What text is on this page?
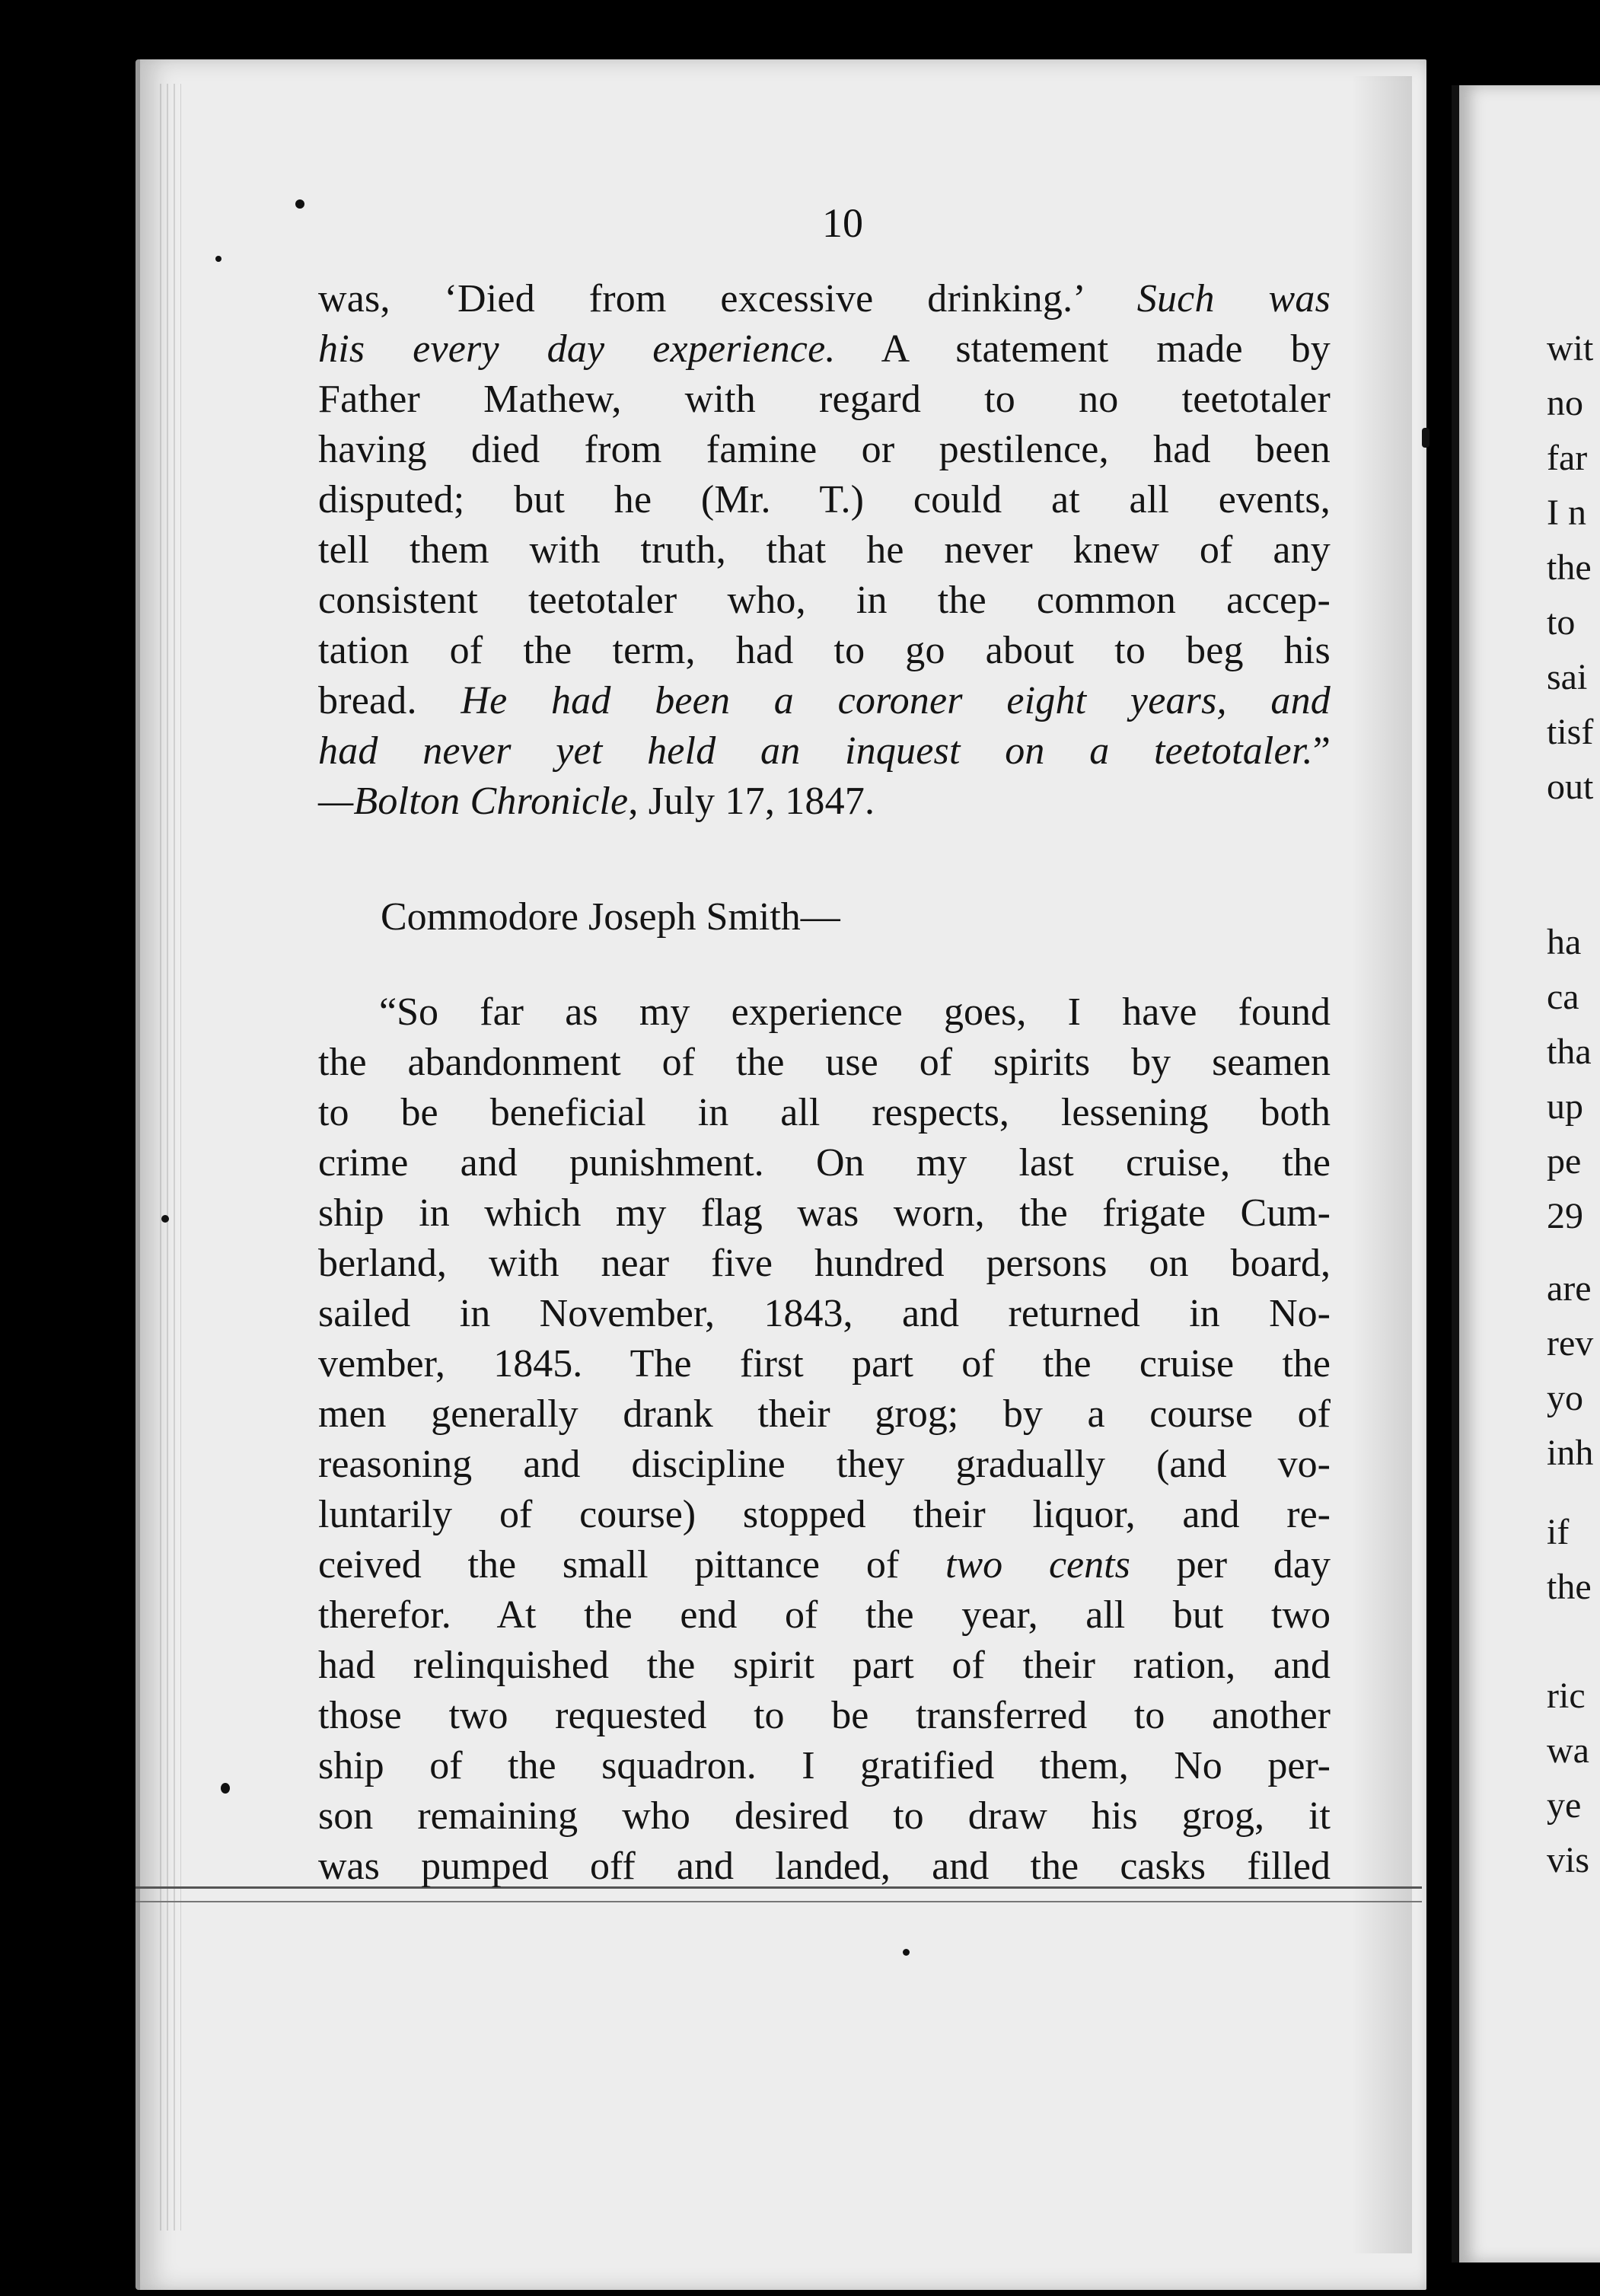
10
was, ‘Died from excessive drinking.’ Such was
his every day experience. A statement made by
Father Mathew, with regard to no teetotaler
having died from famine or pestilence, had been
disputed; but he (Mr. T.) could at all events,
tell them with truth, that he never knew of any
consistent teetotaler who, in the common accep-
tation of the term, had to go about to beg his
bread. He had been a coroner eight years, and
had never yet held an inquest on a teetotaler.”
—Bolton Chronicle, July 17, 1847.
Commodore Joseph Smith—
“So far as my experience goes, I have found
the abandonment of the use of spirits by seamen
to be beneficial in all respects, lessening both
crime and punishment. On my last cruise, the
ship in which my flag was worn, the frigate Cum-
berland, with near five hundred persons on board,
sailed in November, 1843, and returned in No-
vember, 1845. The first part of the cruise the
men generally drank their grog; by a course of
reasoning and discipline they gradually (and vo-
luntarily of course) stopped their liquor, and re-
ceived the small pittance of two cents per day
therefor. At the end of the year, all but two
had relinquished the spirit part of their ration, and
those two requested to be transferred to another
ship of the squadron. I gratified them, No per-
son remaining who desired to draw his grog, it
was pumped off and landed, and the casks filled
wit
no
far
I n
the
to
sai
tisf
out
ha
ca
tha
up
pe
29
are
rev
yo
inh
if
the
ric
wa
ye
vis
